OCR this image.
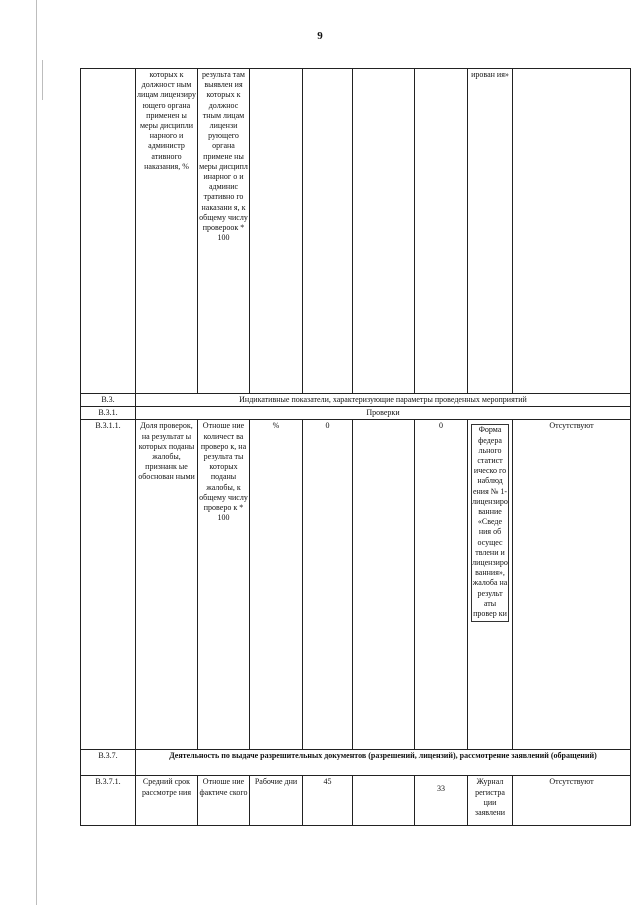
9
	которых к должност ным лицам лицензиру ющего органа применен ы меры дисципли нарного и администр ативного наказания, %	результа там выявлен ия которых к должнос тным лицам лицензи рующего органа примене ны меры дисципл инарног о и админис тративно го наказани я, к общему числу провероок * 100					ирован ия»	
В.3.	Индикативные показатели, характеризующие параметры проведенных мероприятий							
В.3.1.	Проверки							
В.3.1.1.	Доля проверок, на результат ы которых поданы жалобы, признанк ые обоснован ными	Отноше ние количест ва проверо к, на результа ты которых поданы жалобы, к общему числу проверо к * 100	%	0		0	Форма федера льного статист ическо го наблюд ения № 1- лицензированние «Сведе ния об осущес твлени и лицензированния», жалоба на результ аты провер ки	Отсутствуют
В.3.7.	Деятельность по выдаче разрешительных документов (разрешений, лицензий), рассмотрение заявлений (обращений)							
В.3.7.1.	Средний срок рассмотре ния	Отноше ние фактиче ского	Рабочие дни	45		33	Журнал регистра ции заявлени	Отсутствуют
